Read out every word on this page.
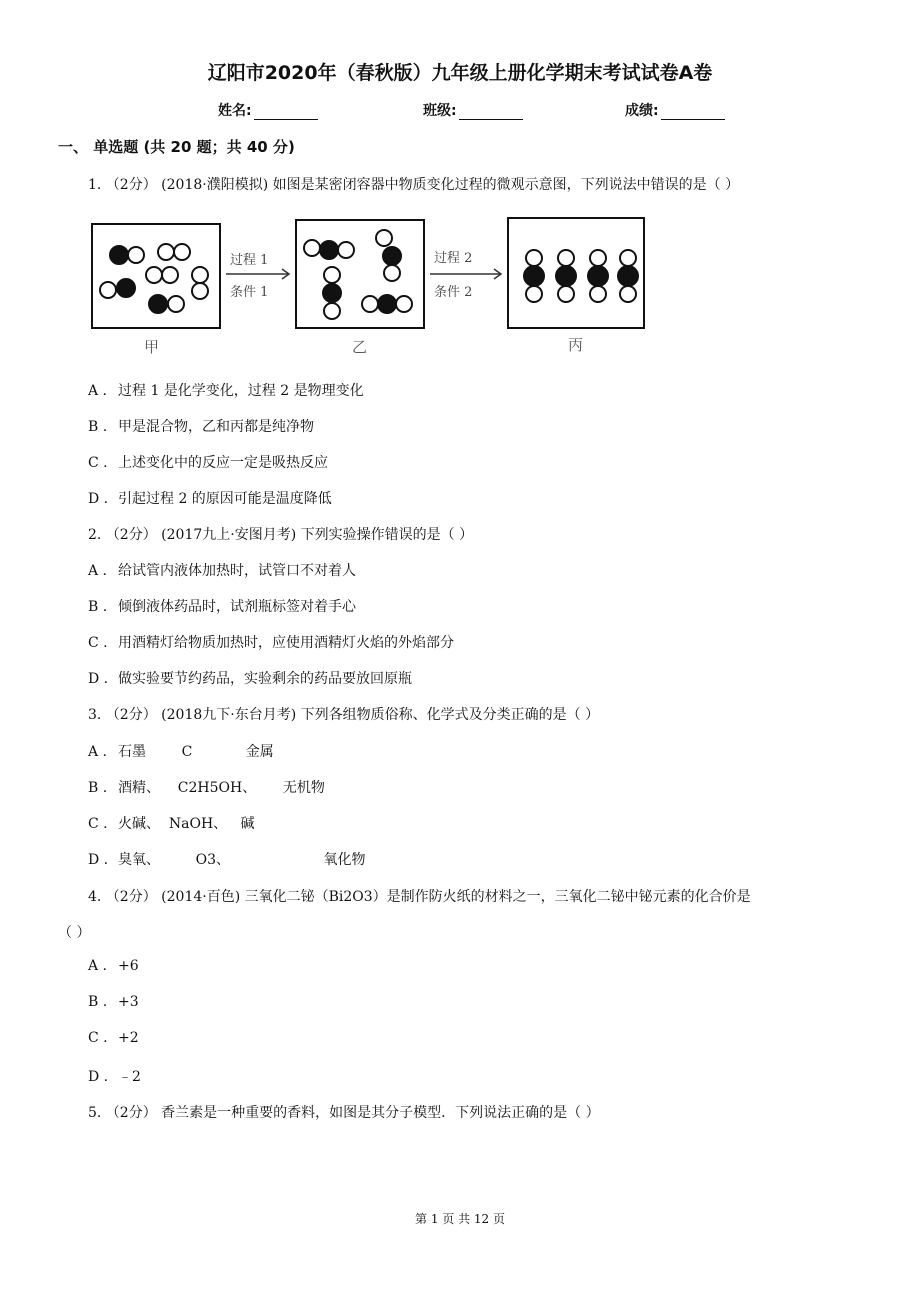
辽阳市2020年（春秋版）九年级上册化学期末考试试卷A卷
姓名:	班级:	成绩:
一、 单选题 (共 20 题；共 40 分)
1. （2分） (2018·濮阳模拟) 如图是某密闭容器中物质变化过程的微观示意图，下列说法中错误的是（ ）
过程 1
条件 1
过程 2
条件 2
甲	乙	丙
A . 过程 1 是化学变化，过程 2 是物理变化
B . 甲是混合物，乙和丙都是纯净物
C . 上述变化中的反应一定是吸热反应
D . 引起过程 2 的原因可能是温度降低
2. （2分） (2017九上·安图月考) 下列实验操作错误的是（ ）
A . 给试管内液体加热时，试管口不对着人
B . 倾倒液体药品时，试剂瓶标签对着手心
C . 用酒精灯给物质加热时，应使用酒精灯火焰的外焰部分
D . 做实验要节约药品，实验剩余的药品要放回原瓶
3. （2分） (2018九下·东台月考) 下列各组物质俗称、化学式及分类正确的是（ ）
A . 石墨        C            金属
B . 酒精、    C2H5OH、      无机物
C . 火碱、  NaOH、   碱
D . 臭氧、        O3、                     氧化物
4. （2分） (2014·百色) 三氧化二铋（Bi2O3）是制作防火纸的材料之一，三氧化二铋中铋元素的化合价是
（ ）
A . +6
B . +3
C . +2
D . ﹣2
5. （2分） 香兰素是一种重要的香料，如图是其分子模型．下列说法正确的是（ ）
第 1 页 共 12 页
